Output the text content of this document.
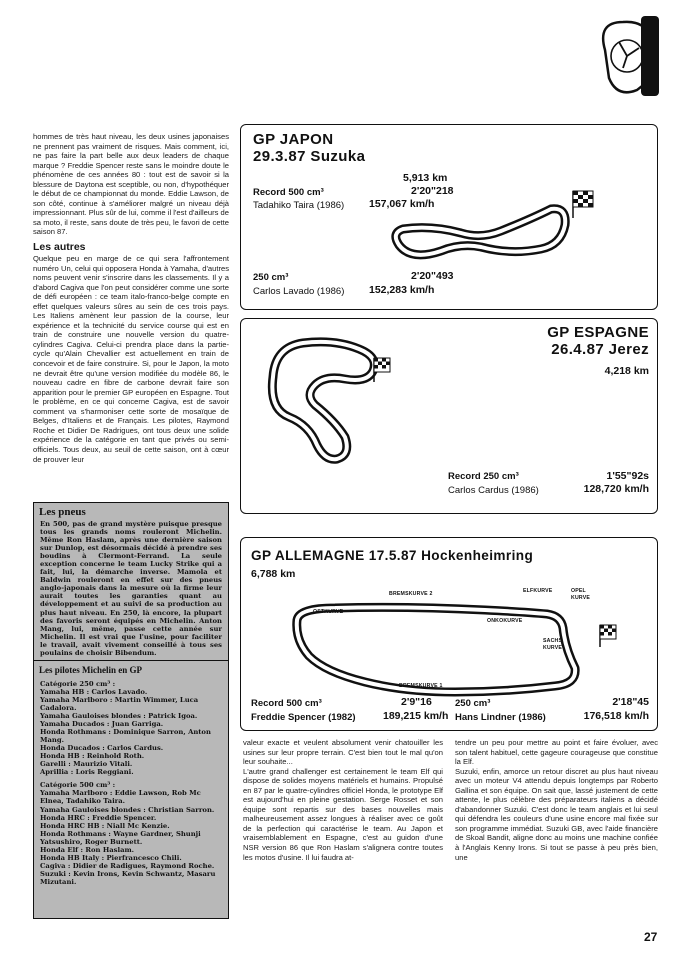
sport

hommes de très haut niveau, les deux usines japonaises ne prennent pas vraiment de risques. Mais comment, ici, ne pas faire la part belle aux deux leaders de chaque marque ? Freddie Spencer reste sans le moindre doute le phénomène de ces années 80 : tout est de savoir si la blessure de Daytona est sceptible, ou non, d'hypothéquer le début de ce championnat du monde. Eddie Lawson, de son côté, continue à s'améliorer malgré un niveau déjà impressionnant. Plus sûr de lui, comme il l'est d'ailleurs de sa moto, il reste, sans doute de très peu, le favori de cette saison 87.

Les autres

Quelque peu en marge de ce qui sera l'affrontement numéro Un, celui qui opposera Honda à Yamaha, d'autres noms peuvent venir s'inscrire dans les classements. Il y a d'abord Cagiva que l'on peut considérer comme une sorte de défi européen : ce team italo-franco-belge compte en effet quelques valeurs sûres au sein de ces trois pays. Les Italiens amènent leur passion de la course, leur expérience et la technicité du service course qui est en train de construire une nouvelle version du quatre-cylindres Cagiva. Celui-ci prendra place dans la partie-cycle qu'Alain Chevallier est actuellement en train de concevoir et de faire construire. Si, pour le Japon, la moto ne devrait être qu'une version modifiée du modèle 86, le nouveau cadre en fibre de carbone devrait faire son apparition pour le premier GP européen en Espagne. Tout le problème, en ce qui concerne Cagiva, est de savoir comment va s'harmoniser cette sorte de mosaïque de Belges, d'Italiens et de Français. Les pilotes, Raymond Roche et Didier De Radrigues, ont tous deux une solide expérience de la catégorie en tant que privés ou semi-officiels. Tous deux, au seuil de cette saison, ont à cœur de prouver leur

Les pneus
En 500, pas de grand mystère puisque presque tous les grands noms rouleront Michelin. Même Ron Haslam, après une dernière saison sur Dunlop, est désormais décidé à prendre ses boudins à Clermont-Ferrand. La seule exception concerne le team Lucky Strike qui a fait, lui, la démarche inverse. Mamola et Baldwin rouleront en effet sur des pneus anglo-japonais dans la mesure où la firme leur aurait toutes les garanties quant au développement et au suivi de sa production au plus haut niveau. En 250, là encore, la plupart des favoris seront équipés en Michelin. Anton Mang, lui, même, passe cette année sur Michelin. Il est vrai que l'usine, pour faciliter le travail, avait vivement conseillé à tous ses poulains de choisir Bibendum.
Les pilotes Michelin en GP
Catégorie 250 cm³ :
Yamaha HB : Carlos Lavado.
Yamaha Marlboro : Martin Wimmer, Luca Cadalora.
Yamaha Gauloises blondes : Patrick Igoa.
Yamaha Ducados : Juan Garriga.
Honda Rothmans : Dominique Sarron, Anton Mang.
Honda Ducados : Carlos Cardus.
Honda HB : Reinhold Roth.
Garelli : Maurizio Vitali.
Aprillia : Loris Reggiani.
Catégorie 500 cm³ :
Yamaha Marlboro : Eddie Lawson, Rob Mc Elnea, Tadahiko Taira.
Yamaha Gauloises blondes : Christian Sarron.
Honda HRC : Freddie Spencer.
Honda HRC HB : Niall Mc Kenzie.
Honda Rothmans : Wayne Gardner, Shunji Yatsushiro, Roger Burnett.
Honda Elf : Ron Haslam.
Honda HB Italy : Pierfrancesco Chili.
Cagiva : Didier de Radigues, Raymond Roche.
Suzuki : Kevin Irons, Kevin Schwantz, Masaru Mizutani.
GP JAPON
29.3.87 Suzuka
5,913 km
Record 500 cm³	2'20"218
Tadahiko Taira (1986) 157,067 km/h
250 cm³	2'20"493
Carlos Lavado (1986) 152,283 km/h
GP ESPAGNE
26.4.87 Jerez
4,218 km
Record 250 cm³	1'55"92s
Carlos Cardus (1986)	128,720 km/h
GP ALLEMAGNE 17.5.87 Hockenheimring
6,788 km
BREMSKURVE 2	ELFKURVE	OPEL
KURVE
OSTKURVE
ONKOKURVE
SACHS
KURVE
BREMSKURVE 1
Record 500 cm³	2'9"16
Freddie Spencer (1982)	189,215 km/h
250 cm³	2'18"45
Hans Lindner (1986)	176,518 km/h
valeur exacte et veulent absolument venir chatouiller les usines sur leur propre terrain. C'est bien tout le mal qu'on leur souhaite...
L'autre grand challenger est certainement le team Elf qui dispose de solides moyens matériels et humains. Propulsé en 87 par le quatre-cylindres officiel Honda, le prototype Elf est aujourd'hui en pleine gestation. Serge Rosset et son équipe sont repartis sur des bases nouvelles mais malheureusement assez longues à réaliser avec ce goût de la perfection qui caractérise le team. Au Japon et vraisemblablement en Espagne, c'est au guidon d'une NSR version 86 que Ron Haslam s'alignera contre toutes les motos d'usine. Il lui faudra at-
tendre un peu pour mettre au point et faire évoluer, avec son talent habituel, cette gageure courageuse que constitue la Elf.
Suzuki, enfin, amorce un retour discret au plus haut niveau avec un moteur V4 attendu depuis longtemps par Roberto Gallina et son équipe. On sait que, lassé justement de cette attente, le plus célèbre des préparateurs italiens a décidé d'abandonner Suzuki. C'est donc le team anglais et lui seul qui défendra les couleurs d'une usine encore mal fixée sur son programme immédiat. Suzuki GB, avec l'aide financière de Skoal Bandit, aligne donc au moins une machine confiée à l'Anglais Kenny Irons. Si tout se passe à peu près bien, une
27
